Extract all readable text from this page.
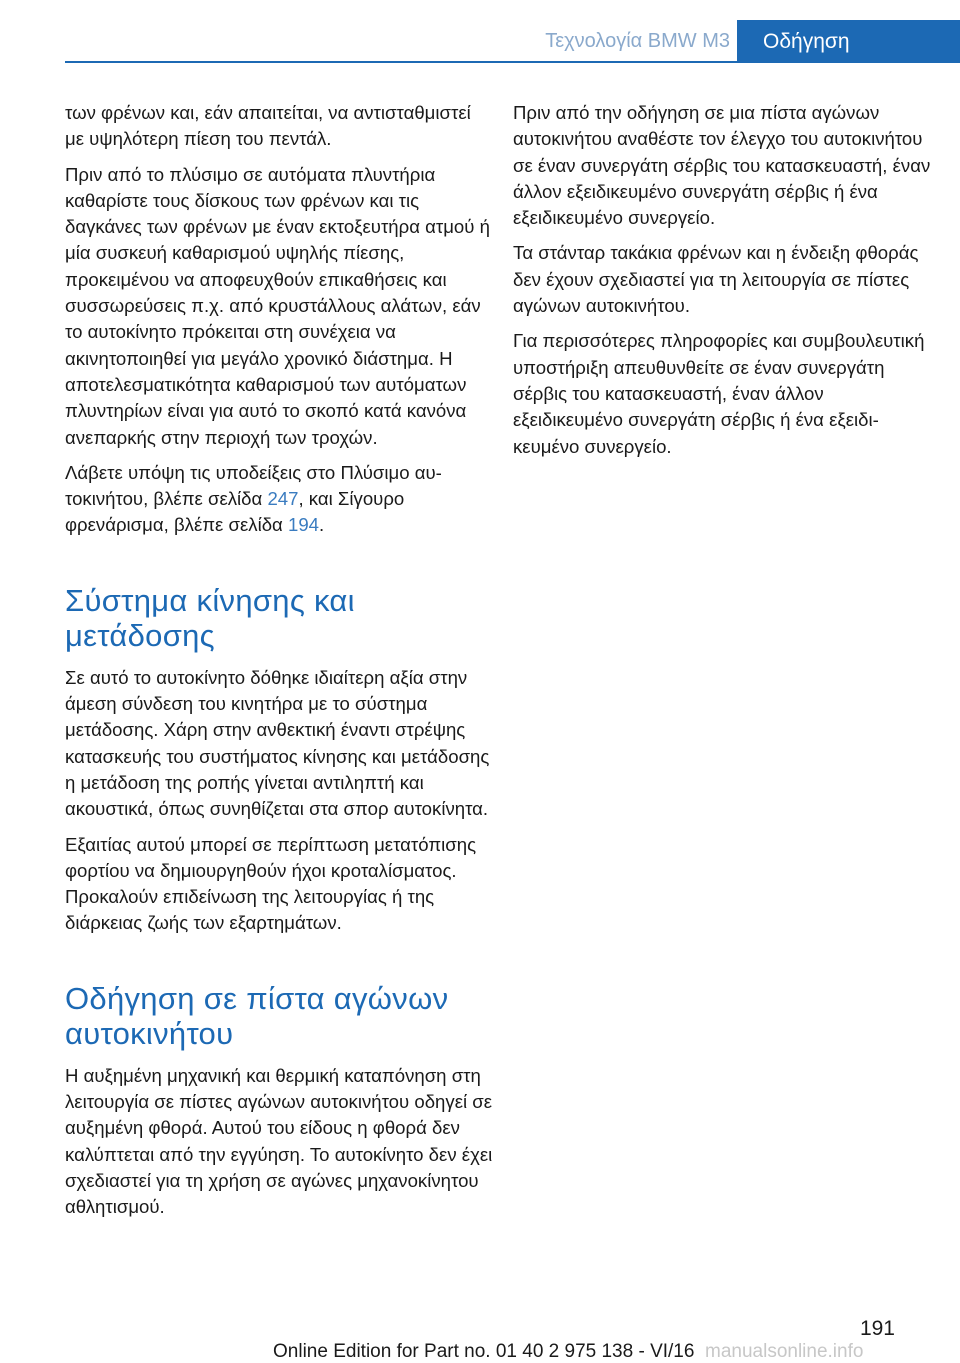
Τεχνολογία BMW M3	Οδήγηση

των φρένων και, εάν απαιτείται, να αντισταθμιστεί με υψηλότερη πίεση του πεντάλ.

Πριν από το πλύσιμο σε αυτόματα πλυντήρια καθαρίστε τους δίσκους των φρένων και τις δαγκάνες των φρένων με έναν εκτοξευτήρα ατμού ή μία συσκευή καθαρισμού υψηλής πίεσης, προκειμένου να αποφευχθούν επικαθήσεις και συσσωρεύσεις π.χ. από κρυστάλλους αλάτων, εάν το αυτοκίνητο πρόκειται στη συνέχεια να ακινητοποιηθεί για μεγάλο χρονικό διάστημα. Η αποτελεσματικότητα καθαρισμού των αυτόματων πλυντηρίων είναι για αυτό το σκοπό κατά κανόνα ανεπαρκής στην περιοχή των τροχών.

Λάβετε υπόψη τις υποδείξεις στο Πλύσιμο αυτοκινήτου, βλέπε σελίδα 247, και Σίγουρο φρενάρισμα, βλέπε σελίδα 194.

Σύστημα κίνησης και μετάδοσης

Σε αυτό το αυτοκίνητο δόθηκε ιδιαίτερη αξία στην άμεση σύνδεση του κινητήρα με το σύστημα μετάδοσης. Χάρη στην ανθεκτική έναντι στρέψης κατασκευής του συστήματος κίνησης και μετάδοσης η μετάδοση της ροπής γίνεται αντιληπτή και ακουστικά, όπως συνηθίζεται στα σπορ αυτοκίνητα.

Εξαιτίας αυτού μπορεί σε περίπτωση μετατόπισης φορτίου να δημιουργηθούν ήχοι κροταλίσματος. Προκαλούν επιδείνωση της λειτουργίας ή της διάρκειας ζωής των εξαρτημάτων.

Οδήγηση σε πίστα αγώνων αυτοκινήτου

Η αυξημένη μηχανική και θερμική καταπόνηση στη λειτουργία σε πίστες αγώνων αυτοκινήτου οδηγεί σε αυξημένη φθορά. Αυτού του είδους η φθορά δεν καλύπτεται από την εγγύηση. Το αυτοκίνητο δεν έχει σχεδιαστεί για τη χρήση σε αγώνες μηχανοκίνητου αθλητισμού.

Πριν από την οδήγηση σε μια πίστα αγώνων αυτοκινήτου αναθέστε τον έλεγχο του αυτοκινήτου σε έναν συνεργάτη σέρβις του κατασκευαστή, έναν άλλον εξειδικευμένο συνεργάτη σέρβις ή ένα εξειδικευμένο συνεργείο.

Τα στάνταρ τακάκια φρένων και η ένδειξη φθοράς δεν έχουν σχεδιαστεί για τη λειτουργία σε πίστες αγώνων αυτοκινήτου.

Για περισσότερες πληροφορίες και συμβουλευτική υποστήριξη απευθυνθείτε σε έναν συνεργάτη σέρβις του κατασκευαστή, έναν άλλον εξειδικευμένο συνεργάτη σέρβις ή ένα εξειδικευμένο συνεργείο.

191
Online Edition for Part no. 01 40 2 975 138 - VI/16 manualsonline.info
